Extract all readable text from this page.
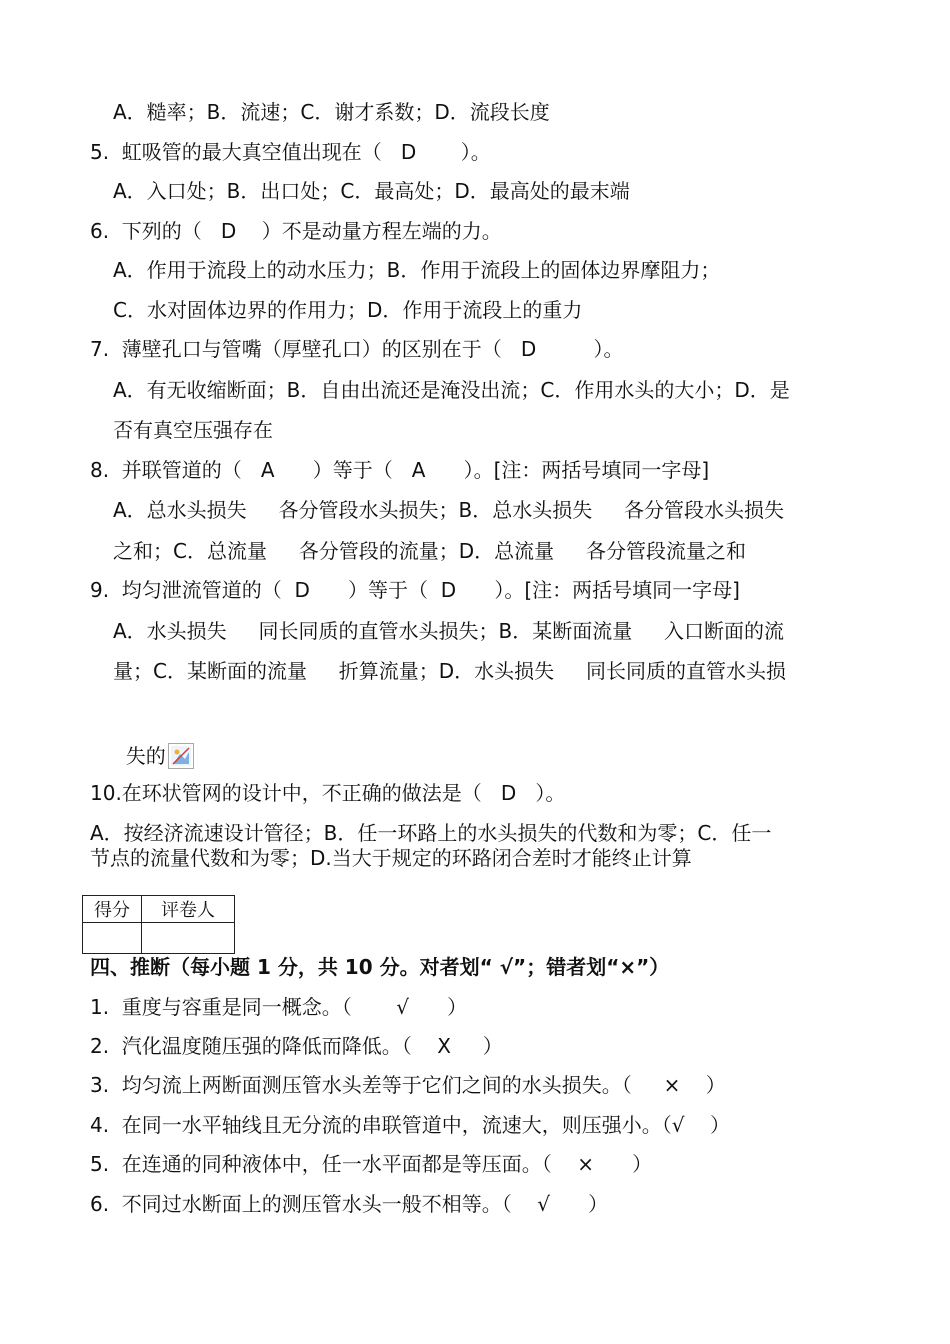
A．糙率；B．流速；C．谢才系数；D．流段长度
5.  虹吸管的最大真空值出现在（   D       ）。
A．入口处；B．出口处；C．最高处；D．最高处的最末端
6.  下列的（   D    ）不是动量方程左端的力。
A．作用于流段上的动水压力；B．作用于流段上的固体边界摩阻力；
C．水对固体边界的作用力；D．作用于流段上的重力
7.  薄壁孔口与管嘴（厚壁孔口）的区别在于（   D         ）。
A．有无收缩断面；B．自由出流还是淹没出流；C．作用水头的大小；D．是
否有真空压强存在
8.  并联管道的（   A      ）等于（   A      ）。[注：两括号填同一字母]
A．总水头损失     各分管段水头损失；B．总水头损失     各分管段水头损失
之和；C．总流量     各分管段的流量；D．总流量     各分管段流量之和
9.  均匀泄流管道的（  D      ）等于（  D      ）。[注：两括号填同一字母]
A．水头损失     同长同质的直管水头损失；B．某断面流量     入口断面的流
量；C．某断面的流量     折算流量；D．水头损失     同长同质的直管水头损

失的

10.在环状管网的设计中，不正确的做法是（   D   ）。
A．按经济流速设计管径；B．任一环路上的水头损失的代数和为零；C．任一
节点的流量代数和为零；D.当大于规定的环路闭合差时才能终止计算
得分	评卷人

四、推断（每小题 1 分，共 10 分。对者划“ √”；错者划“×”）
1.  重度与容重是同一概念。（       √      ）
2.  汽化温度随压强的降低而降低。（    X     ）
3.  均匀流上两断面测压管水头差等于它们之间的水头损失。（     ×    ）
4.  在同一水平轴线且无分流的串联管道中，流速大，则压强小。（√    ）
5.  在连通的同种液体中，任一水平面都是等压面。（    ×      ）
6.  不同过水断面上的测压管水头一般不相等。（    √      ）
